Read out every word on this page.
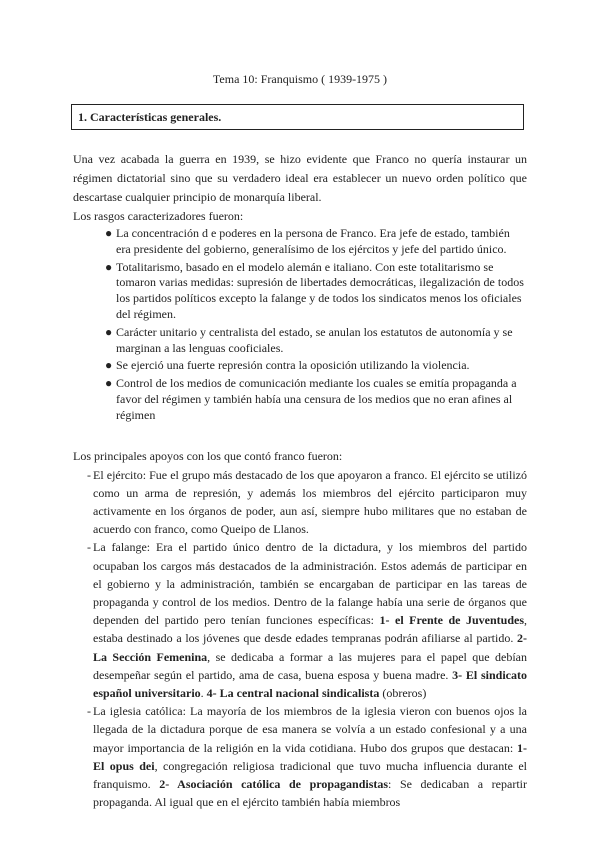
Tema 10: Franquismo ( 1939-1975 )
1. Características generales.

Una vez acabada la guerra en 1939, se hizo evidente que Franco no quería instaurar un régimen dictatorial sino que su verdadero ideal era establecer un nuevo orden político que descartase cualquier principio de monarquía liberal.

Los rasgos caracterizadores fueron:

● La concentración d e poderes en la persona de Franco. Era jefe de estado, también era presidente del gobierno, generalísimo de los ejércitos y jefe del partido único.
● Totalitarismo, basado en el modelo alemán e italiano. Con este totalitarismo se tomaron varias medidas: supresión de libertades democráticas, ilegalización de todos los partidos políticos excepto la falange y de todos los sindicatos menos los oficiales del régimen.
● Carácter unitario y centralista del estado, se anulan los estatutos de autonomía y se marginan a las lenguas cooficiales.
● Se ejerció una fuerte represión contra la oposición utilizando la violencia.
● Control de los medios de comunicación mediante los cuales se emitía propaganda a favor del régimen y también había una censura de los medios que no eran afines al régimen

Los principales apoyos con los que contó franco fueron:

- El ejército: Fue el grupo más destacado de los que apoyaron a franco. El ejército se utilizó como un arma de represión, y además los miembros del ejército participaron muy activamente en los órganos de poder, aun así, siempre hubo militares que no estaban de acuerdo con franco, como Queipo de Llanos.
- La falange: Era el partido único dentro de la dictadura, y los miembros del partido ocupaban los cargos más destacados de la administración. Estos además de participar en el gobierno y la administración, también se encargaban de participar en las tareas de propaganda y control de los medios. Dentro de la falange había una serie de órganos que dependen del partido pero tenían funciones específicas: 1- el Frente de Juventudes, estaba destinado a los jóvenes que desde edades tempranas podrán afiliarse al partido. 2- La Sección Femenina, se dedicaba a formar a las mujeres para el papel que debían desempeñar según el partido, ama de casa, buena esposa y buena madre. 3- El sindicato español universitario. 4- La central nacional sindicalista (obreros)
- La iglesia católica: La mayoría de los miembros de la iglesia vieron con buenos ojos la llegada de la dictadura porque de esa manera se volvía a un estado confesional y a una mayor importancia de la religión en la vida cotidiana. Hubo dos grupos que destacan: 1- El opus dei, congregación religiosa tradicional que tuvo mucha influencia durante el franquismo. 2- Asociación católica de propagandistas: Se dedicaban a repartir propaganda. Al igual que en el ejército también había miembros
